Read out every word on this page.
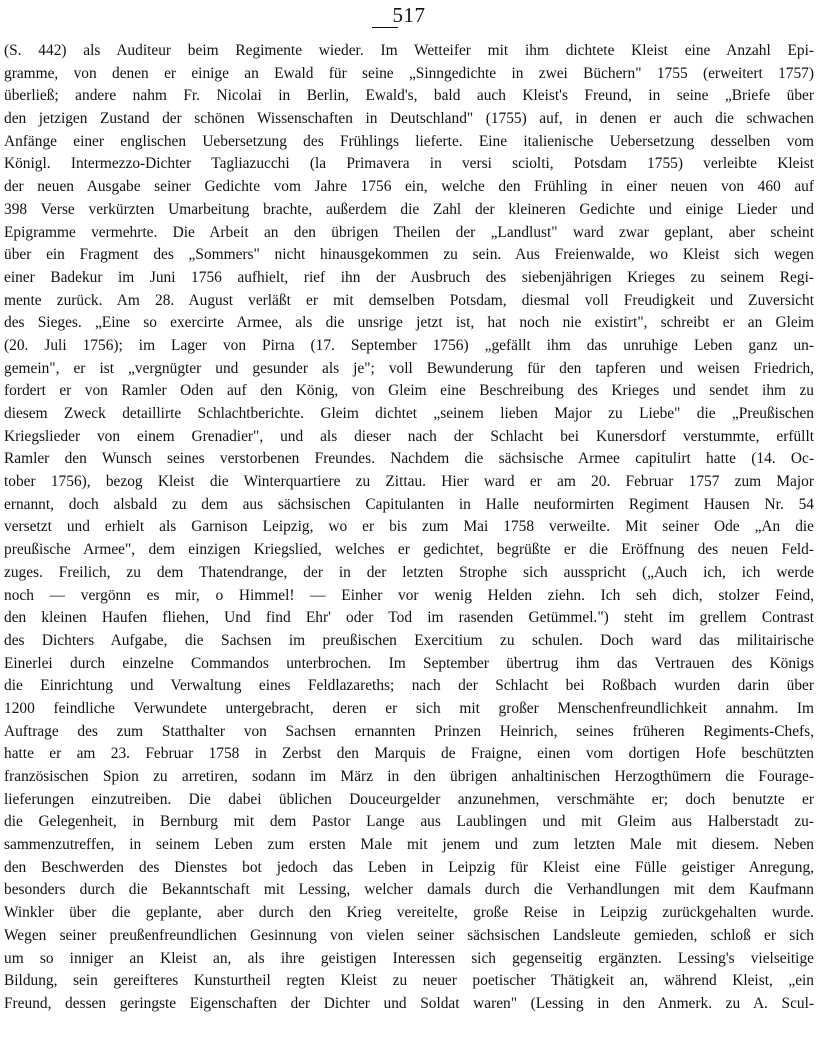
517
(S. 442) als Auditeur beim Regimente wieder. Im Wetteifer mit ihm dichtete Kleist eine Anzahl Epi-
gramme, von denen er einige an Ewald für seine „Sinngedichte in zwei Büchern" 1755 (erweitert 1757)
überließ; andere nahm Fr. Nicolai in Berlin, Ewald's, bald auch Kleist's Freund, in seine „Briefe über
den jetzigen Zustand der schönen Wissenschaften in Deutschland" (1755) auf, in denen er auch die schwachen
Anfänge einer englischen Uebersetzung des Frühlings lieferte. Eine italienische Uebersetzung desselben vom
Königl. Intermezzo-Dichter Tagliazucchi (la Primavera in versi sciolti, Potsdam 1755) verleibte Kleist
der neuen Ausgabe seiner Gedichte vom Jahre 1756 ein, welche den Frühling in einer neuen von 460 auf
398 Verse verkürzten Umarbeitung brachte, außerdem die Zahl der kleineren Gedichte und einige Lieder und
Epigramme vermehrte. Die Arbeit an den übrigen Theilen der „Landlust" ward zwar geplant, aber scheint
über ein Fragment des „Sommers" nicht hinausgekommen zu sein. Aus Freienwalde, wo Kleist sich wegen
einer Badekur im Juni 1756 aufhielt, rief ihn der Ausbruch des siebenjährigen Krieges zu seinem Regi-
mente zurück. Am 28. August verläßt er mit demselben Potsdam, diesmal voll Freudigkeit und Zuversicht
des Sieges. „Eine so exercirte Armee, als die unsrige jetzt ist, hat noch nie existirt", schreibt er an Gleim
(20. Juli 1756); im Lager von Pirna (17. September 1756) „gefällt ihm das unruhige Leben ganz un-
gemein", er ist „vergnügter und gesunder als je"; voll Bewunderung für den tapferen und weisen Friedrich,
fordert er von Ramler Oden auf den König, von Gleim eine Beschreibung des Krieges und sendet ihm zu
diesem Zweck detaillirte Schlachtberichte. Gleim dichtet „seinem lieben Major zu Liebe" die „Preußischen
Kriegslieder von einem Grenadier", und als dieser nach der Schlacht bei Kunersdorf verstummte, erfüllt
Ramler den Wunsch seines verstorbenen Freundes. Nachdem die sächsische Armee capitulirt hatte (14. Oc-
tober 1756), bezog Kleist die Winterquartiere zu Zittau. Hier ward er am 20. Februar 1757 zum Major
ernannt, doch alsbald zu dem aus sächsischen Capitulanten in Halle neuformirten Regiment Hausen Nr. 54
versetzt und erhielt als Garnison Leipzig, wo er bis zum Mai 1758 verweilte. Mit seiner Ode „An die
preußische Armee", dem einzigen Kriegslied, welches er gedichtet, begrüßte er die Eröffnung des neuen Feld-
zuges. Freilich, zu dem Thatendrange, der in der letzten Strophe sich ausspricht („Auch ich, ich werde
noch — vergönn es mir, o Himmel! — Einher vor wenig Helden ziehn. Ich seh dich, stolzer Feind,
den kleinen Haufen fliehen, Und find Ehr' oder Tod im rasenden Getümmel.") steht im grellem Contrast
des Dichters Aufgabe, die Sachsen im preußischen Exercitium zu schulen. Doch ward das militairische
Einerlei durch einzelne Commandos unterbrochen. Im September übertrug ihm das Vertrauen des Königs
die Einrichtung und Verwaltung eines Feldlazareths; nach der Schlacht bei Roßbach wurden darin über
1200 feindliche Verwundete untergebracht, deren er sich mit großer Menschenfreundlichkeit annahm. Im
Auftrage des zum Statthalter von Sachsen ernannten Prinzen Heinrich, seines früheren Regiments-Chefs,
hatte er am 23. Februar 1758 in Zerbst den Marquis de Fraigne, einen vom dortigen Hofe beschützten
französischen Spion zu arretiren, sodann im März in den übrigen anhaltinischen Herzogthümern die Fourage-
lieferungen einzutreiben. Die dabei üblichen Douceurgelder anzunehmen, verschmähte er; doch benutzte er
die Gelegenheit, in Bernburg mit dem Pastor Lange aus Laublingen und mit Gleim aus Halberstadt zu-
sammenzutreffen, in seinem Leben zum ersten Male mit jenem und zum letzten Male mit diesem. Neben
den Beschwerden des Dienstes bot jedoch das Leben in Leipzig für Kleist eine Fülle geistiger Anregung,
besonders durch die Bekanntschaft mit Lessing, welcher damals durch die Verhandlungen mit dem Kaufmann
Winkler über die geplante, aber durch den Krieg vereitelte, große Reise in Leipzig zurückgehalten wurde.
Wegen seiner preußenfreundlichen Gesinnung von vielen seiner sächsischen Landsleute gemieden, schloß er sich
um so inniger an Kleist an, als ihre geistigen Interessen sich gegenseitig ergänzten. Lessing's vielseitige
Bildung, sein gereifteres Kunsturtheil regten Kleist zu neuer poetischer Thätigkeit an, während Kleist, „ein
Freund, dessen geringste Eigenschaften der Dichter und Soldat waren" (Lessing in den Anmerk. zu A. Scul-
